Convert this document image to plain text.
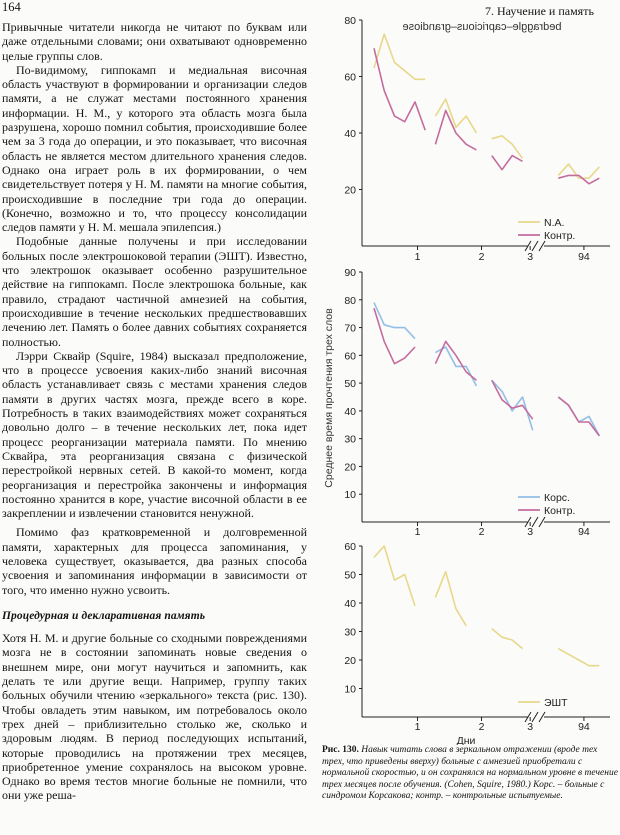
164	7. Научение и память

Привычные читатели никогда не читают по буквам или даже отдельными словами; они охватывают одновременно целые группы слов.

По-видимому, гиппокамп и медиальная височная область участвуют в формировании и организации следов памяти, а не служат местами постоянного хранения информации. Н. М., у которого эта область мозга была разрушена, хорошо помнил события, происходившие более чем за 3 года до операции, и это показывает, что височная область не является местом длительного хранения следов. Однако она играет роль в их формировании, о чем свидетельствует потеря у Н. М. памяти на многие события, происходившие в последние три года до операции. (Конечно, возможно и то, что процессу консолидации следов памяти у Н. М. мешала эпилепсия.)

Подобные данные получены и при исследовании больных после электрошоковой терапии (ЭШТ). Известно, что электрошок оказывает особенно разрушительное действие на гиппокамп. После электрошока больные, как правило, страдают частичной амнезией на события, происходившие в течение нескольких предшествовавших лечению лет. Память о более давних событиях сохраняется полностью.

Лэрри Сквайр (Squire, 1984) высказал предположение, что в процессе усвоения каких-либо знаний височная область устанавливает связь с местами хранения следов памяти в других частях мозга, прежде всего в коре. Потребность в таких взаимодействиях может сохраняться довольно долго – в течение нескольких лет, пока идет процесс реорганизации материала памяти. По мнению Сквайра, эта реорганизация связана с физической перестройкой нервных сетей. В какой-то момент, когда реорганизация и перестройка закончены и информация постоянно хранится в коре, участие височной области в ее закреплении и извлечении становится ненужной.

Помимо фаз кратковременной и долговременной памяти, характерных для процесса запоминания, у человека существует, оказывается, два разных способа усвоения и запоминания информации в зависимости от того, что именно нужно усвоить.

Процедурная и декларативная память

Хотя Н. М. и другие больные со сходными повреждениями мозга не в состоянии запоминать новые сведения о внешнем мире, они могут научиться и запомнить, как делать те или другие вещи. Например, группу таких больных обучили чтению «зеркального» текста (рис. 130). Чтобы овладеть этим навыком, им потребовалось около трех дней – приблизительно столько же, сколько и здоровым людям. В период последующих испытаний, которые проводились на протяжении трех месяцев, приобретенное умение сохранялось на высоком уровне. Однако во время тестов многие больные не помнили, что они уже реша-

20
40
60
80
N.A.
Контр.
10
20
30
40
50
60
70
80
90
Корс.
Контр.
10
20
30
40
50
60
ЭШТ
1	2	3	94
1	2	3	94
1	2	3	94
Дни
Среднее время прочтения трех слов
bedraggle–capricious–grandiose
Рис. 130. Навык читать слова в зеркальном отражении (вроде тех трех, что приведены вверху) больные с амнезией приобретали с нормальной скоростью, и он сохранялся на нормальном уровне в течение трех месяцев после обучения. (Cohen, Squire, 1980.) Корс. – больные с синдромом Корсакова; контр. – контрольные испытуемые.
